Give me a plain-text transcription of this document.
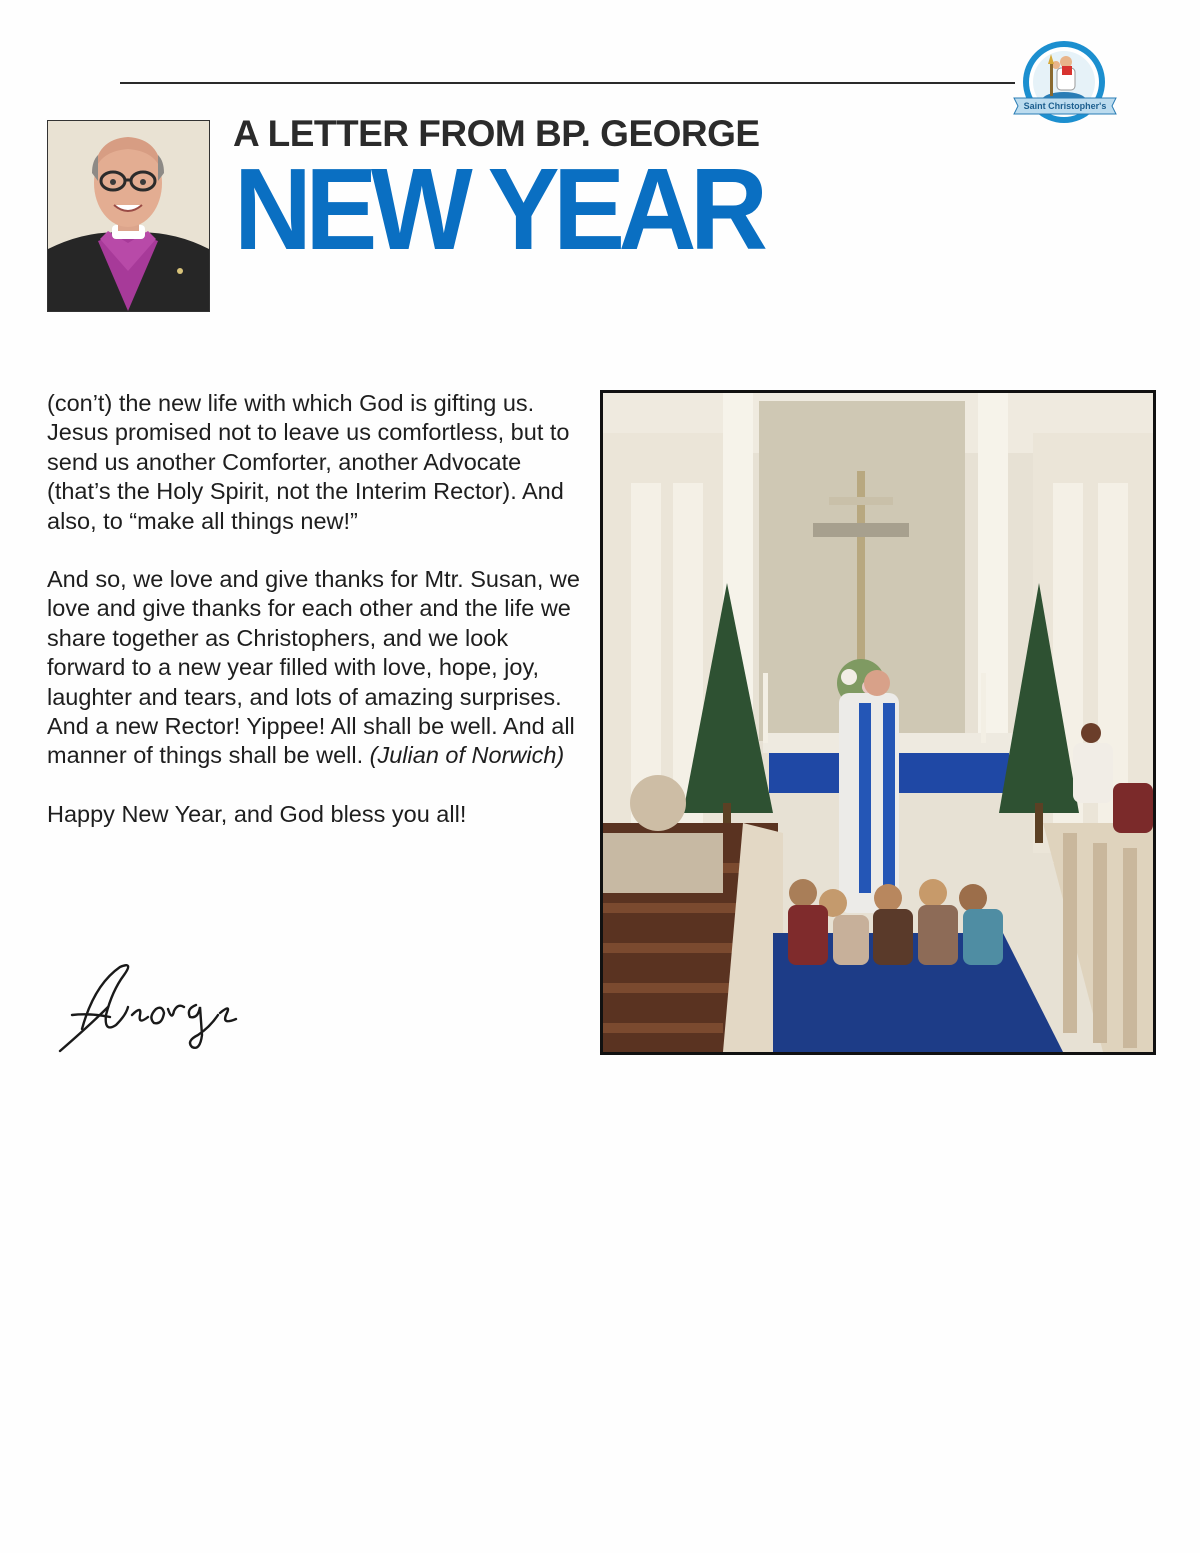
Saint Christopher's
A LETTER FROM BP. GEORGE
NEW YEAR

(con’t) the new life with which God is gifting us. Jesus promised not to leave us comfortless, but to send us another Comforter, another Advocate (that’s the Holy Spirit, not the Interim Rector). And also, to “make all things new!”

And so, we love and give thanks for Mtr. Susan, we love and give thanks for each other and the life we share together as Christophers, and we look forward to a new year filled with love, hope, joy, laughter and tears, and lots of amazing surprises. And a new Rector! Yippee! All shall be well. And all manner of things shall be well. (Julian of Norwich)

Happy New Year, and God bless you all!
